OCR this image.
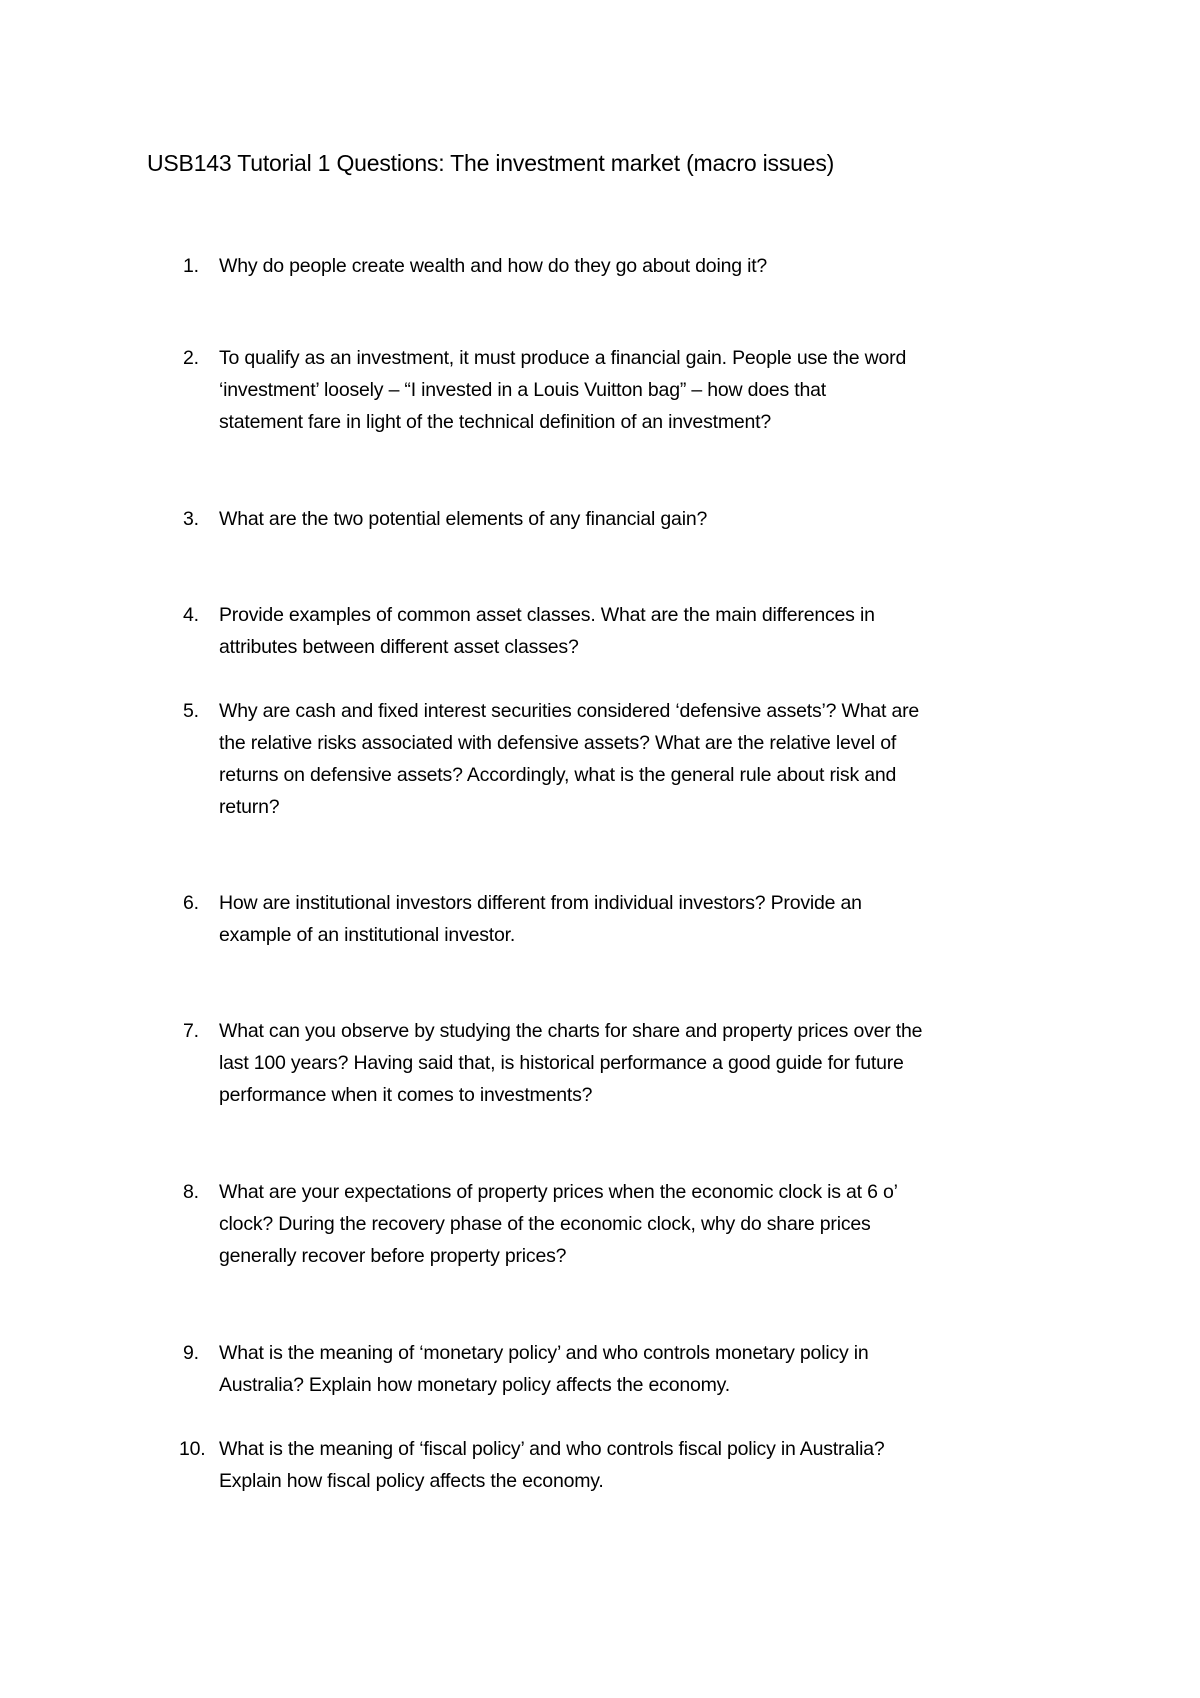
USB143 Tutorial 1 Questions: The investment market (macro issues)
1.	Why do people create wealth and how do they go about doing it?
2.	To qualify as an investment, it must produce a financial gain. People use the word
‘investment’ loosely – “I invested in a Louis Vuitton bag” – how does that
statement fare in light of the technical definition of an investment?
3.	What are the two potential elements of any financial gain?
4.	Provide examples of common asset classes. What are the main differences in
attributes between different asset classes?
5.	Why are cash and fixed interest securities considered ‘defensive assets’? What are
the relative risks associated with defensive assets? What are the relative level of
returns on defensive assets? Accordingly, what is the general rule about risk and
return?
6.	How are institutional investors different from individual investors? Provide an
example of an institutional investor.
7.	What can you observe by studying the charts for share and property prices over the
last 100 years? Having said that, is historical performance a good guide for future
performance when it comes to investments?
8.	What are your expectations of property prices when the economic clock is at 6 o’
clock? During the recovery phase of the economic clock, why do share prices
generally recover before property prices?
9.	What is the meaning of ‘monetary policy’ and who controls monetary policy in
Australia? Explain how monetary policy affects the economy.
10. What is the meaning of ‘fiscal policy’ and who controls fiscal policy in Australia?
Explain how fiscal policy affects the economy.
